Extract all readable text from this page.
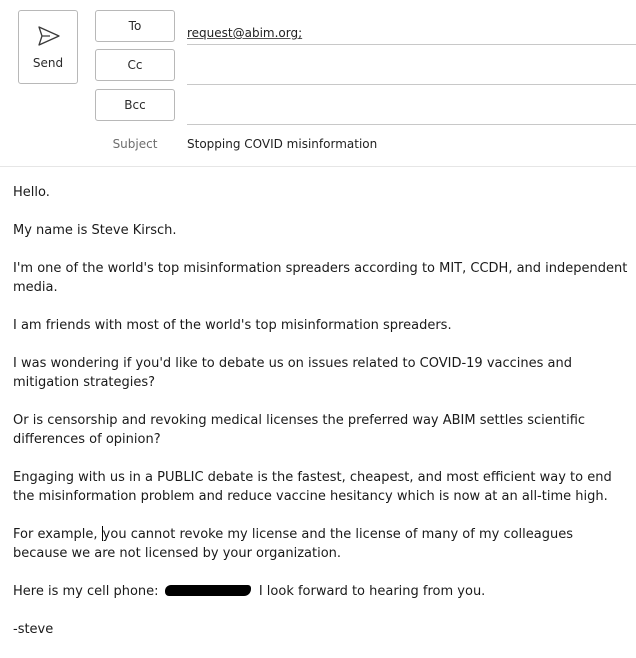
Send
To	request@abim.org;
Cc
Bcc
Subject	Stopping COVID misinformation

Hello.

My name is Steve Kirsch.

I'm one of the world's top misinformation spreaders according to MIT, CCDH, and independent media.

I am friends with most of the world's top misinformation spreaders.

I was wondering if you'd like to debate us on issues related to COVID-19 vaccines and mitigation strategies?

Or is censorship and revoking medical licenses the preferred way ABIM settles scientific differences of opinion?

Engaging with us in a PUBLIC debate is the fastest, cheapest, and most efficient way to end the misinformation problem and reduce vaccine hesitancy which is now at an all-time high.

For example, you cannot revoke my license and the license of many of my colleagues because we are not licensed by your organization.

Here is my cell phone:	I look forward to hearing from you.

-steve
